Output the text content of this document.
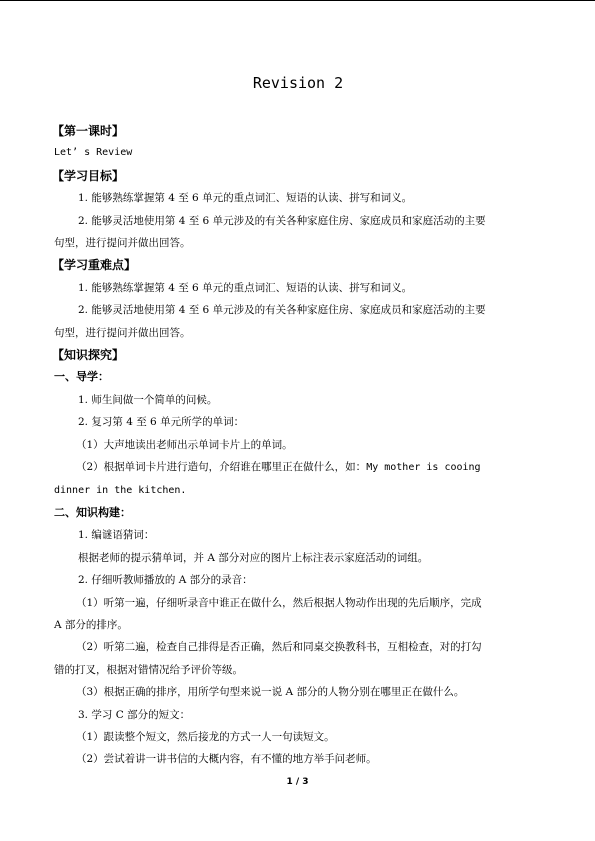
Revision 2
【第一课时】
Let’ s Review
【学习目标】
1. 能够熟练掌握第 4 至 6 单元的重点词汇、短语的认读、拼写和词义。
2. 能够灵活地使用第 4 至 6 单元涉及的有关各种家庭住房、家庭成员和家庭活动的主要
句型，进行提问并做出回答。
【学习重难点】
1. 能够熟练掌握第 4 至 6 单元的重点词汇、短语的认读、拼写和词义。
2. 能够灵活地使用第 4 至 6 单元涉及的有关各种家庭住房、家庭成员和家庭活动的主要
句型，进行提问并做出回答。
【知识探究】
一、导学：
1. 师生间做一个简单的问候。
2. 复习第 4 至 6 单元所学的单词：
（1）大声地读出老师出示单词卡片上的单词。
（2）根据单词卡片进行造句，介绍谁在哪里正在做什么，如：My mother is cooing
dinner in the kitchen.
二、知识构建：
1. 编谜语猜词：
根据老师的提示猜单词，并 A 部分对应的图片上标注表示家庭活动的词组。
2. 仔细听教师播放的 A 部分的录音：
（1）听第一遍，仔细听录音中谁正在做什么，然后根据人物动作出现的先后顺序，完成
A 部分的排序。
（2）听第二遍，检查自己排得是否正确，然后和同桌交换教科书，互相检查，对的打勾
错的打叉，根据对错情况给予评价等级。
（3）根据正确的排序，用所学句型来说一说 A 部分的人物分别在哪里正在做什么。
3. 学习 C 部分的短文：
（1）跟读整个短文，然后接龙的方式一人一句读短文。
（2）尝试着讲一讲书信的大概内容，有不懂的地方举手问老师。
1 / 3
